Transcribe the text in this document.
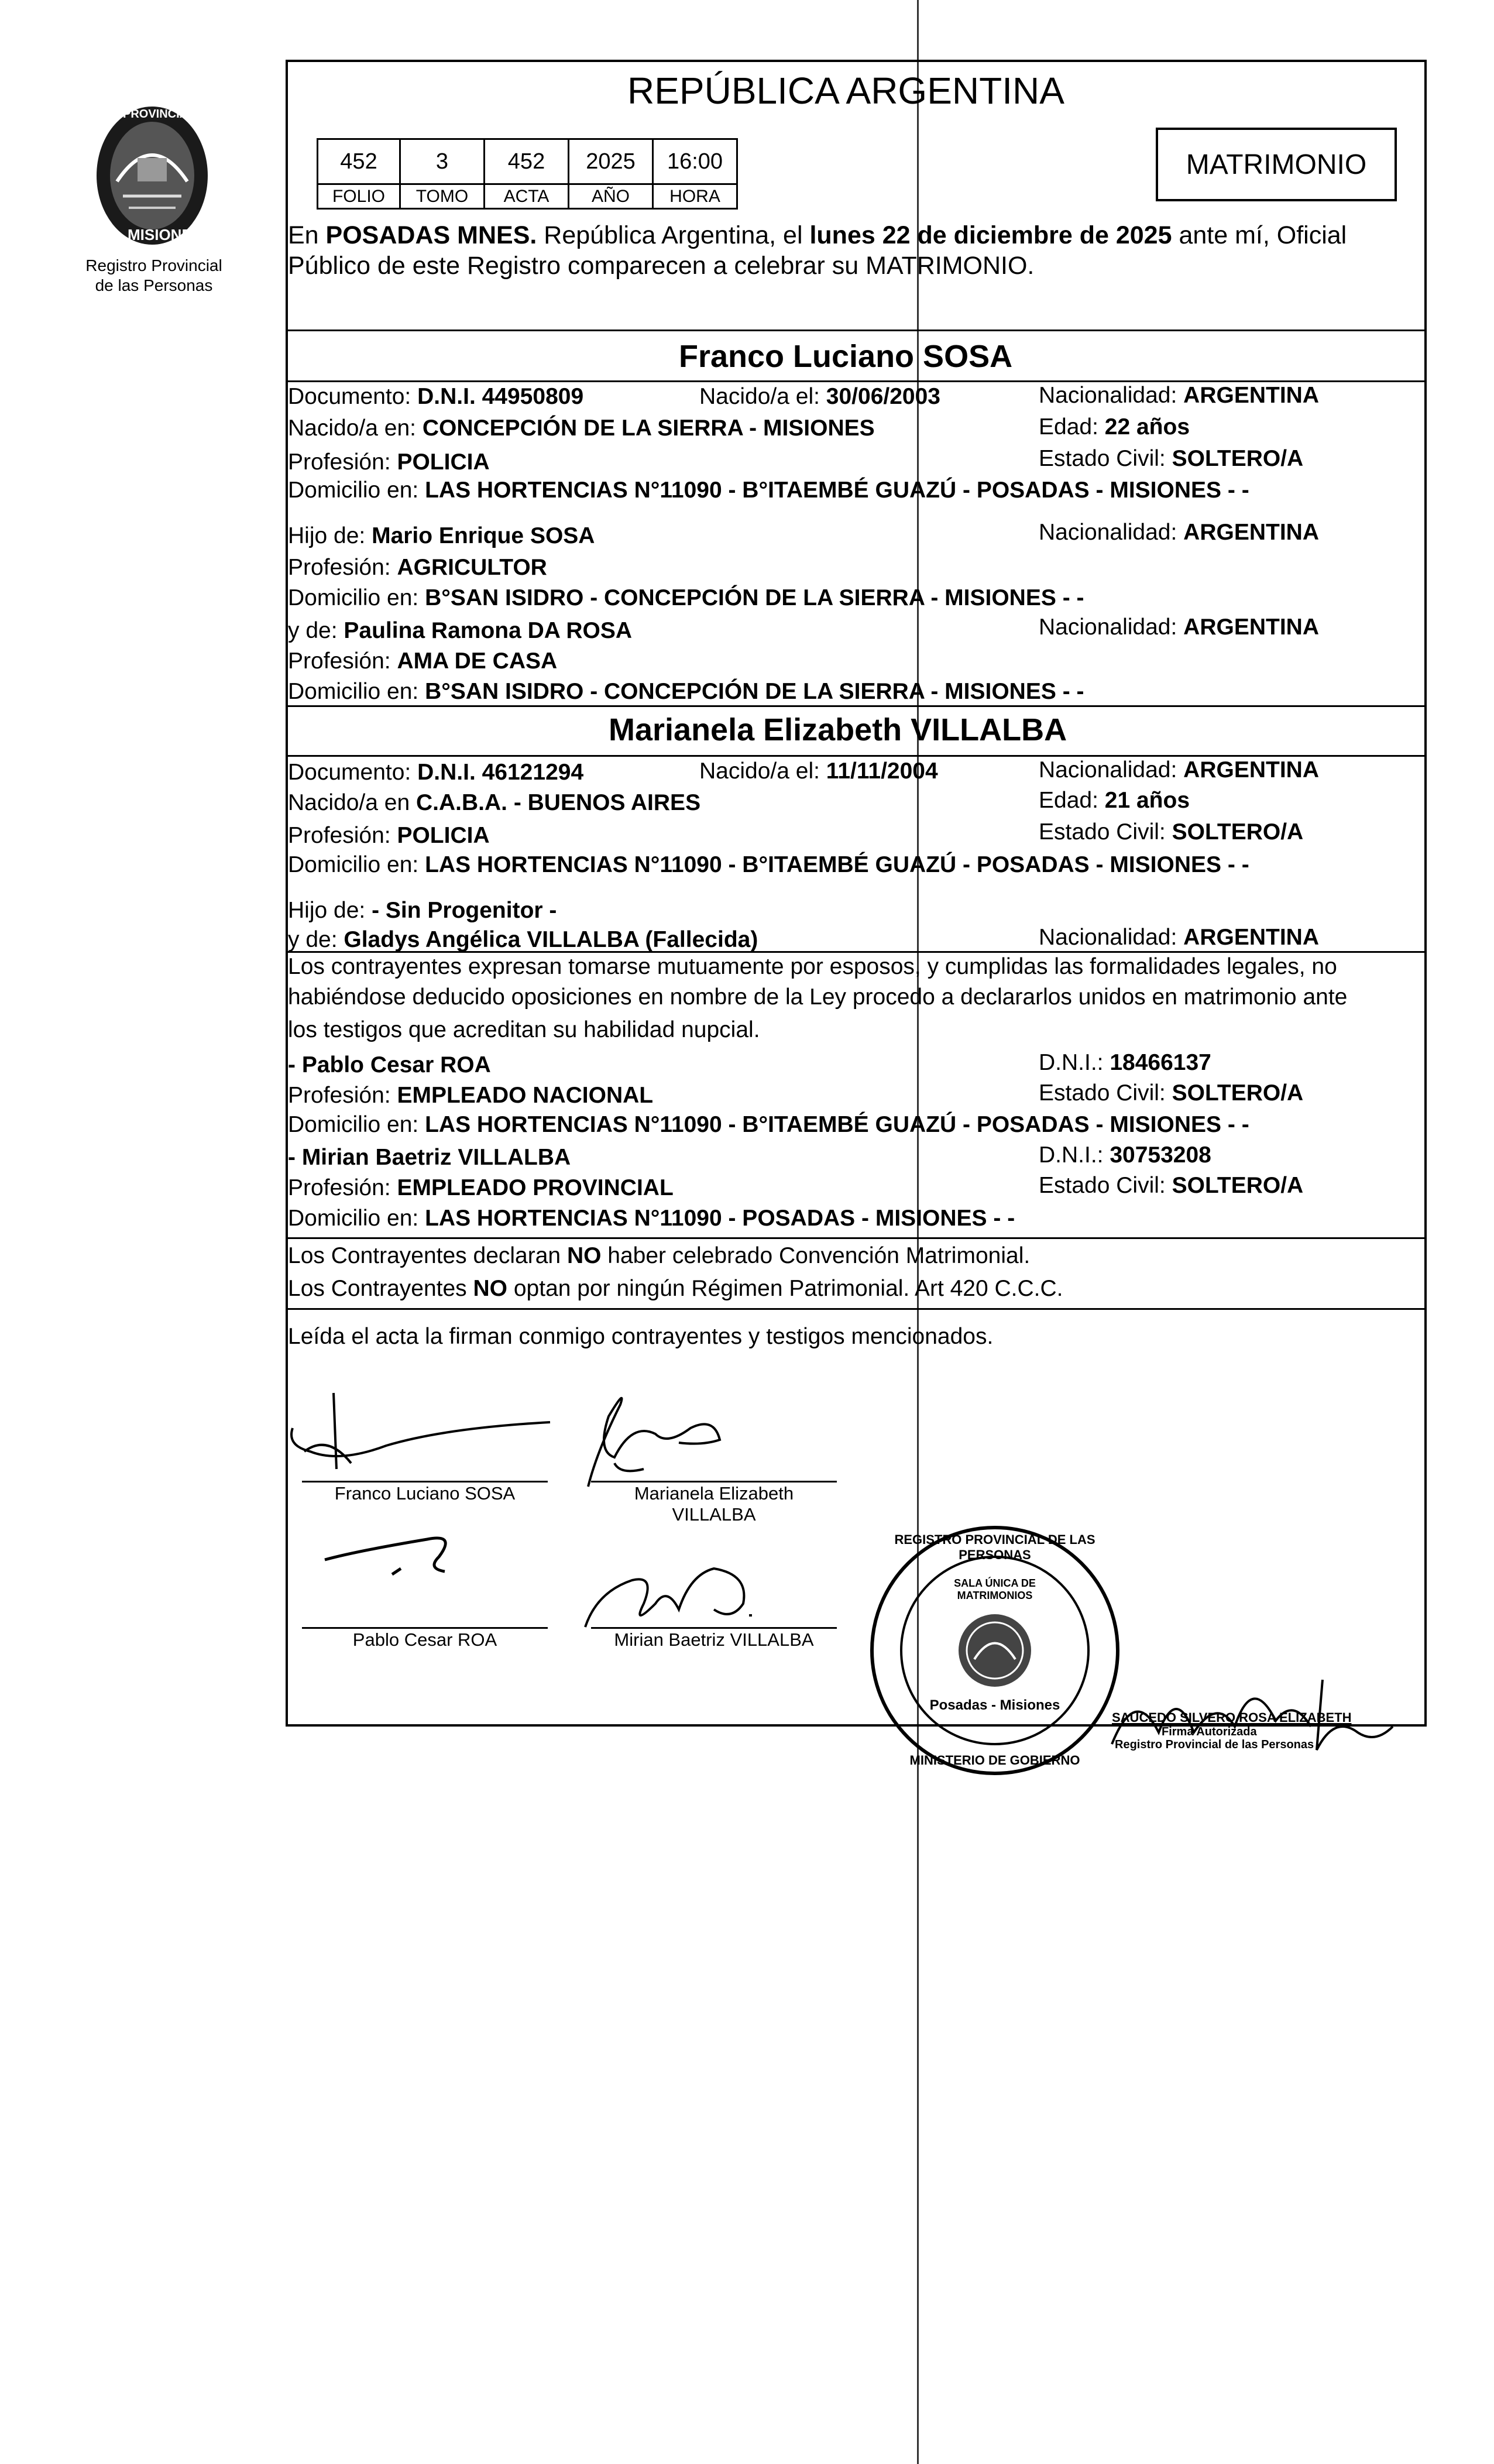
PROVINCIA DE
MISIONES
Registro Provincial
de las Personas
REPÚBLICA ARGENTINA
MATRIMONIO
452	3	452 2025 16:00
FOLIO TOMO ACTA AÑO HORA
En POSADAS MNES. República Argentina, el lunes 22 de diciembre de 2025 ante mí, Oficial
Público de este Registro comparecen a celebrar su MATRIMONIO.
Franco Luciano SOSA
Documento: D.N.I. 44950809	Nacido/a el: 30/06/2003	Nacionalidad: ARGENTINA
Nacido/a en: CONCEPCIÓN DE LA SIERRA - MISIONES	Edad: 22 años
Profesión: POLICIA	Estado Civil: SOLTERO/A
Domicilio en: LAS HORTENCIAS N°11090 - B°ITAEMBÉ GUAZÚ - POSADAS - MISIONES - -
Hijo de: Mario Enrique SOSA	Nacionalidad: ARGENTINA
Profesión: AGRICULTOR
Domicilio en: B°SAN ISIDRO - CONCEPCIÓN DE LA SIERRA - MISIONES - -
y de: Paulina Ramona DA ROSA	Nacionalidad: ARGENTINA
Profesión: AMA DE CASA
Domicilio en: B°SAN ISIDRO - CONCEPCIÓN DE LA SIERRA - MISIONES - -
Marianela Elizabeth VILLALBA
Documento: D.N.I. 46121294	Nacido/a el: 11/11/2004	Nacionalidad: ARGENTINA
Nacido/a en C.A.B.A. - BUENOS AIRES	Edad: 21 años
Profesión: POLICIA	Estado Civil: SOLTERO/A
Domicilio en: LAS HORTENCIAS N°11090 - B°ITAEMBÉ GUAZÚ - POSADAS - MISIONES - -
Hijo de: - Sin Progenitor -
y de: Gladys Angélica VILLALBA (Fallecida)	Nacionalidad: ARGENTINA
Los contrayentes expresan tomarse mutuamente por esposos, y cumplidas las formalidades legales, no
habiéndose deducido oposiciones en nombre de la Ley procedo a declararlos unidos en matrimonio ante
los testigos que acreditan su habilidad nupcial.
- Pablo Cesar ROA	D.N.I.: 18466137
Profesión: EMPLEADO NACIONAL	Estado Civil: SOLTERO/A
Domicilio en: LAS HORTENCIAS N°11090 - B°ITAEMBÉ GUAZÚ - POSADAS - MISIONES - -
- Mirian Baetriz VILLALBA	D.N.I.: 30753208
Profesión: EMPLEADO PROVINCIAL	Estado Civil: SOLTERO/A
Domicilio en: LAS HORTENCIAS N°11090 - POSADAS - MISIONES - -
Los Contrayentes declaran NO haber celebrado Convención Matrimonial.
Los Contrayentes NO optan por ningún Régimen Patrimonial. Art 420 C.C.C.
Leída el acta la firman conmigo contrayentes y testigos mencionados.
Franco Luciano SOSA	Marianela Elizabeth
VILLALBA
Pablo Cesar ROA	Mirian Baetriz VILLALBA
REGISTRO PROVINCIAL DE LAS PERSONAS
SALA ÚNICA DE MATRIMONIOS
Posadas - Misiones
MINISTERIO DE GOBIERNO
SAUCEDO SILVERO ROSA ELIZABETH
Firma Autorizada
Registro Provincial de las Personas
